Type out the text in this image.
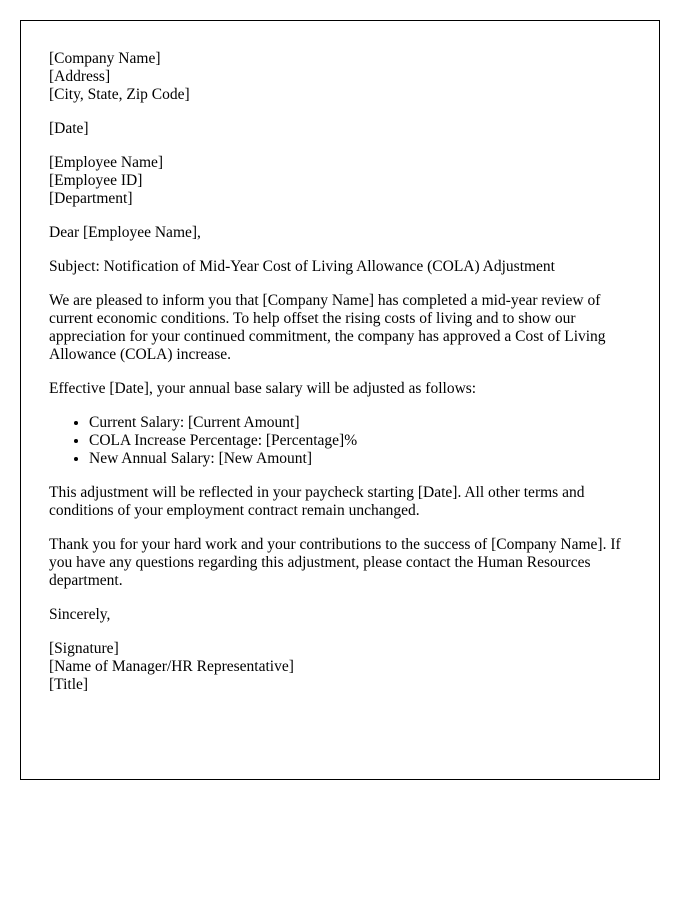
[Company Name]
[Address]
[City, State, Zip Code]

[Date]

[Employee Name]
[Employee ID]
[Department]

Dear [Employee Name],

Subject: Notification of Mid-Year Cost of Living Allowance (COLA) Adjustment

We are pleased to inform you that [Company Name] has completed a mid-year review of current economic conditions. To help offset the rising costs of living and to show our appreciation for your continued commitment, the company has approved a Cost of Living Allowance (COLA) increase.

Effective [Date], your annual base salary will be adjusted as follows:

• Current Salary: [Current Amount]
• COLA Increase Percentage: [Percentage]%
• New Annual Salary: [New Amount]

This adjustment will be reflected in your paycheck starting [Date]. All other terms and conditions of your employment contract remain unchanged.

Thank you for your hard work and your contributions to the success of [Company Name]. If you have any questions regarding this adjustment, please contact the Human Resources department.

Sincerely,

[Signature]
[Name of Manager/HR Representative]
[Title]
